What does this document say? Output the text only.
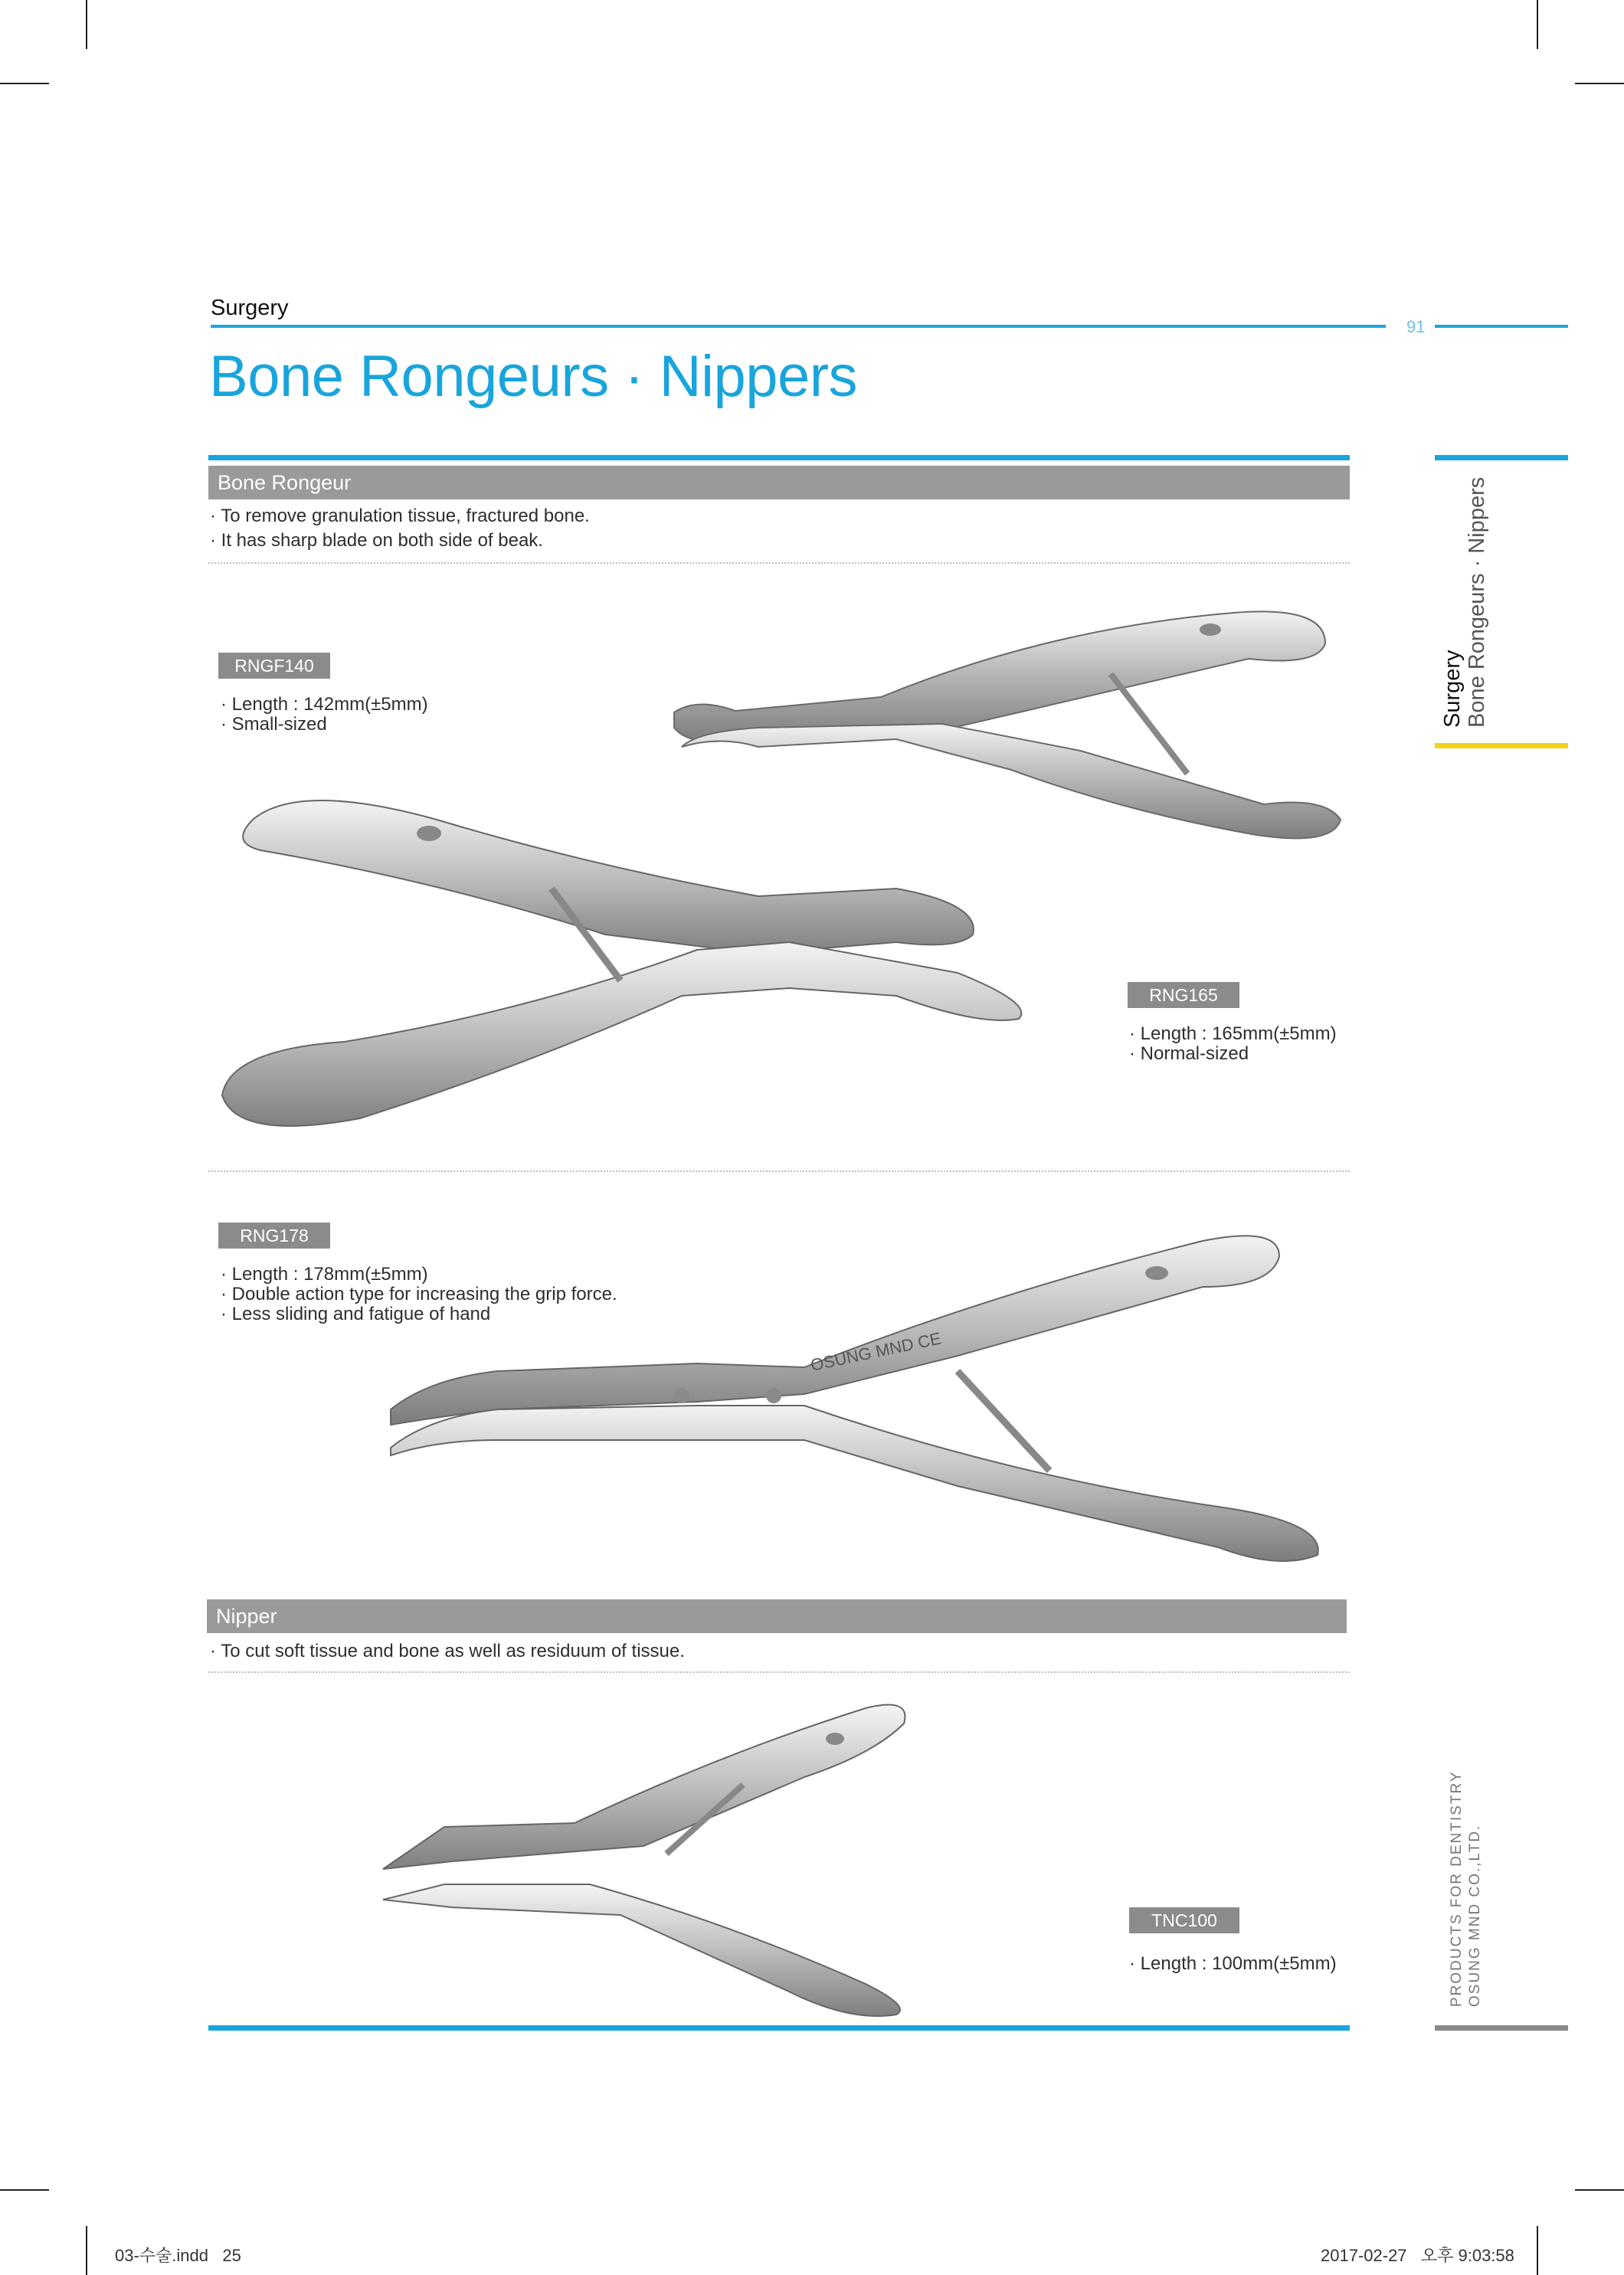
Surgery
91
Bone Rongeurs · Nippers
Bone Rongeur
· To remove granulation tissue, fractured bone.
· It has sharp blade on both side of beak.
RNGF140
· Length : 142mm(±5mm)
· Small-sized
RNG165
· Length : 165mm(±5mm)
· Normal-sized
RNG178
· Length : 178mm(±5mm)
· Double action type for increasing the grip force.
· Less sliding and fatigue of hand
OSUNG MND CE
Nipper
· To cut soft tissue and bone as well as residuum of tissue.
TNC100
· Length : 100mm(±5mm)
Surgery Bone Rongeurs · Nippers
PRODUCTS FOR DENTISTRY OSUNG MND CO.,LTD.
03-수술.indd   25	2017-02-27   오후 9:03:58
